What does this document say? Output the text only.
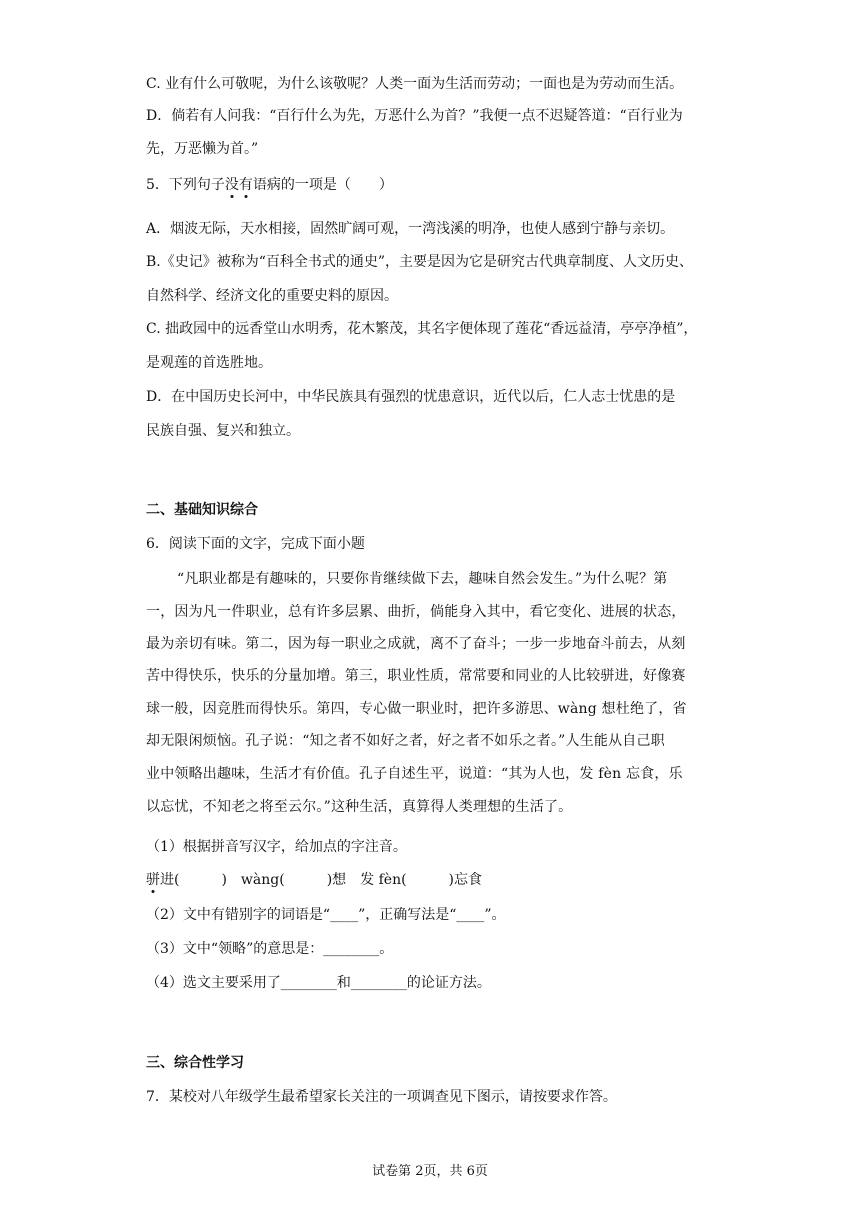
C. 业有什么可敬呢，为什么该敬呢？人类一面为生活而劳动；一面也是为劳动而生活。
D．倘若有人问我：“百行什么为先，万恶什么为首？”我便一点不迟疑答道：“百行业为
先，万恶懒为首。”
5．下列句子没有语病的一项是（　　）
A．烟波无际，天水相接，固然旷阔可观，一湾浅溪的明净，也使人感到宁静与亲切。
B.《史记》被称为“百科全书式的通史”，主要是因为它是研究古代典章制度、人文历史、
自然科学、经济文化的重要史料的原因。
C. 拙政园中的远香堂山水明秀，花木繁茂，其名字便体现了莲花“香远益清，亭亭净植”，
是观莲的首选胜地。
D．在中国历史长河中，中华民族具有强烈的忧患意识，近代以后，仁人志士忧患的是
民族自强、复兴和独立。
二、基础知识综合
6．阅读下面的文字，完成下面小题
“凡职业都是有趣味的，只要你肯继续做下去，趣味自然会发生。”为什么呢？第
一，因为凡一件职业，总有许多层累、曲折，倘能身入其中，看它变化、进展的状态，
最为亲切有味。第二，因为每一职业之成就，离不了奋斗；一步一步地奋斗前去，从刻
苦中得快乐，快乐的分量加增。第三，职业性质，常常要和同业的人比较骈进，好像赛
球一般，因竞胜而得快乐。第四，专心做一职业时，把许多游思、wàng 想杜绝了，省
却无限闲烦恼。孔子说：“知之者不如好之者，好之者不如乐之者。”人生能从自己职
业中领略出趣味，生活才有价值。孔子自述生平，说道：“其为人也，发 fèn 忘食，乐
以忘忧，不知老之将至云尔。”这种生活，真算得人类理想的生活了。
（1）根据拼音写汉字，给加点的字注音。
骈进(　　　)　wàng(　　　)想　发 fèn(　　　)忘食
（2）文中有错别字的词语是“____”，正确写法是“____”。
（3）文中“领略”的意思是：________。
（4）选文主要采用了________和________的论证方法。
三、综合性学习
7．某校对八年级学生最希望家长关注的一项调查见下图示，请按要求作答。
试卷第 2页，共 6页
